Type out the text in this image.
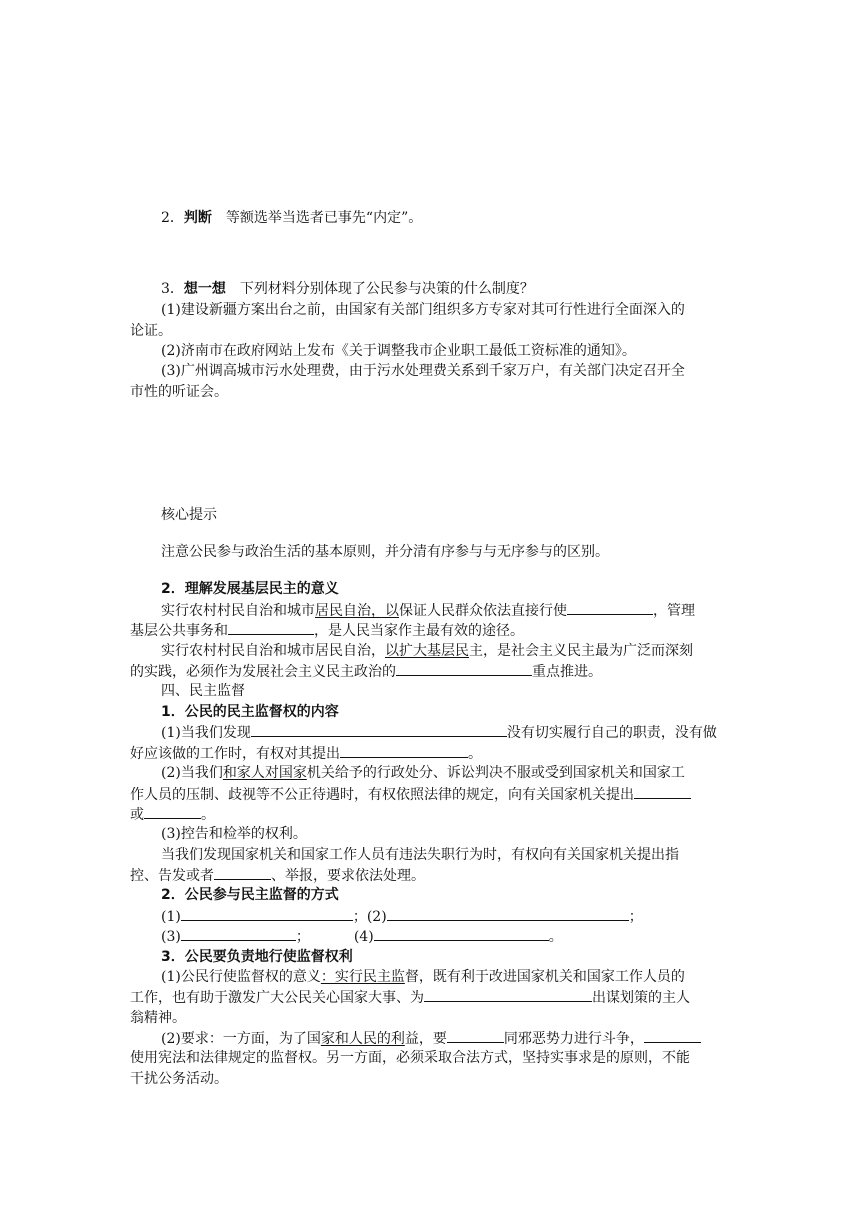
2．判断 等额选举当选者已事先“内定”。
3．想一想 下列材料分别体现了公民参与决策的什么制度？
(1)建设新疆方案出台之前，由国家有关部门组织多方专家对其可行性进行全面深入的
论证。
(2)济南市在政府网站上发布《关于调整我市企业职工最低工资标准的通知》。
(3)广州调高城市污水处理费，由于污水处理费关系到千家万户，有关部门决定召开全
市性的听证会。
核心提示
注意公民参与政治生活的基本原则，并分清有序参与与无序参与的区别。
2．理解发展基层民主的意义
实行农村村民自治和城市居民自治，以保证人民群众依法直接行使	，管理
基层公共事务和	，是人民当家作主最有效的途径。
实行农村村民自治和城市居民自治，以扩大基层民主，是社会主义民主最为广泛而深刻
的实践，必须作为发展社会主义民主政治的	重点推进。
四、民主监督
1．公民的民主监督权的内容
(1)当我们发现	没有切实履行自己的职责，没有做
好应该做的工作时，有权对其提出	。
(2)当我们和家人对国家机关给予的行政处分、诉讼判决不服或受到国家机关和国家工
作人员的压制、歧视等不公正待遇时，有权依照法律的规定，向有关国家机关提出
或	。
(3)控告和检举的权利。
当我们发现国家机关和国家工作人员有违法失职行为时，有权向有关国家机关提出指
控、告发或者	、举报，要求依法处理。
2．公民参与民主监督的方式
(1)	；(2)	；
(3)	；	(4)	。
3．公民要负责地行使监督权利
(1)公民行使监督权的意义：实行民主监督，既有利于改进国家机关和国家工作人员的
工作，也有助于激发广大公民关心国家大事、为	出谋划策的主人
翁精神。
(2)要求：一方面，为了国家和人民的利益，要	同邪恶势力进行斗争，
使用宪法和法律规定的监督权。另一方面，必须采取合法方式，坚持实事求是的原则，不能
干扰公务活动。
